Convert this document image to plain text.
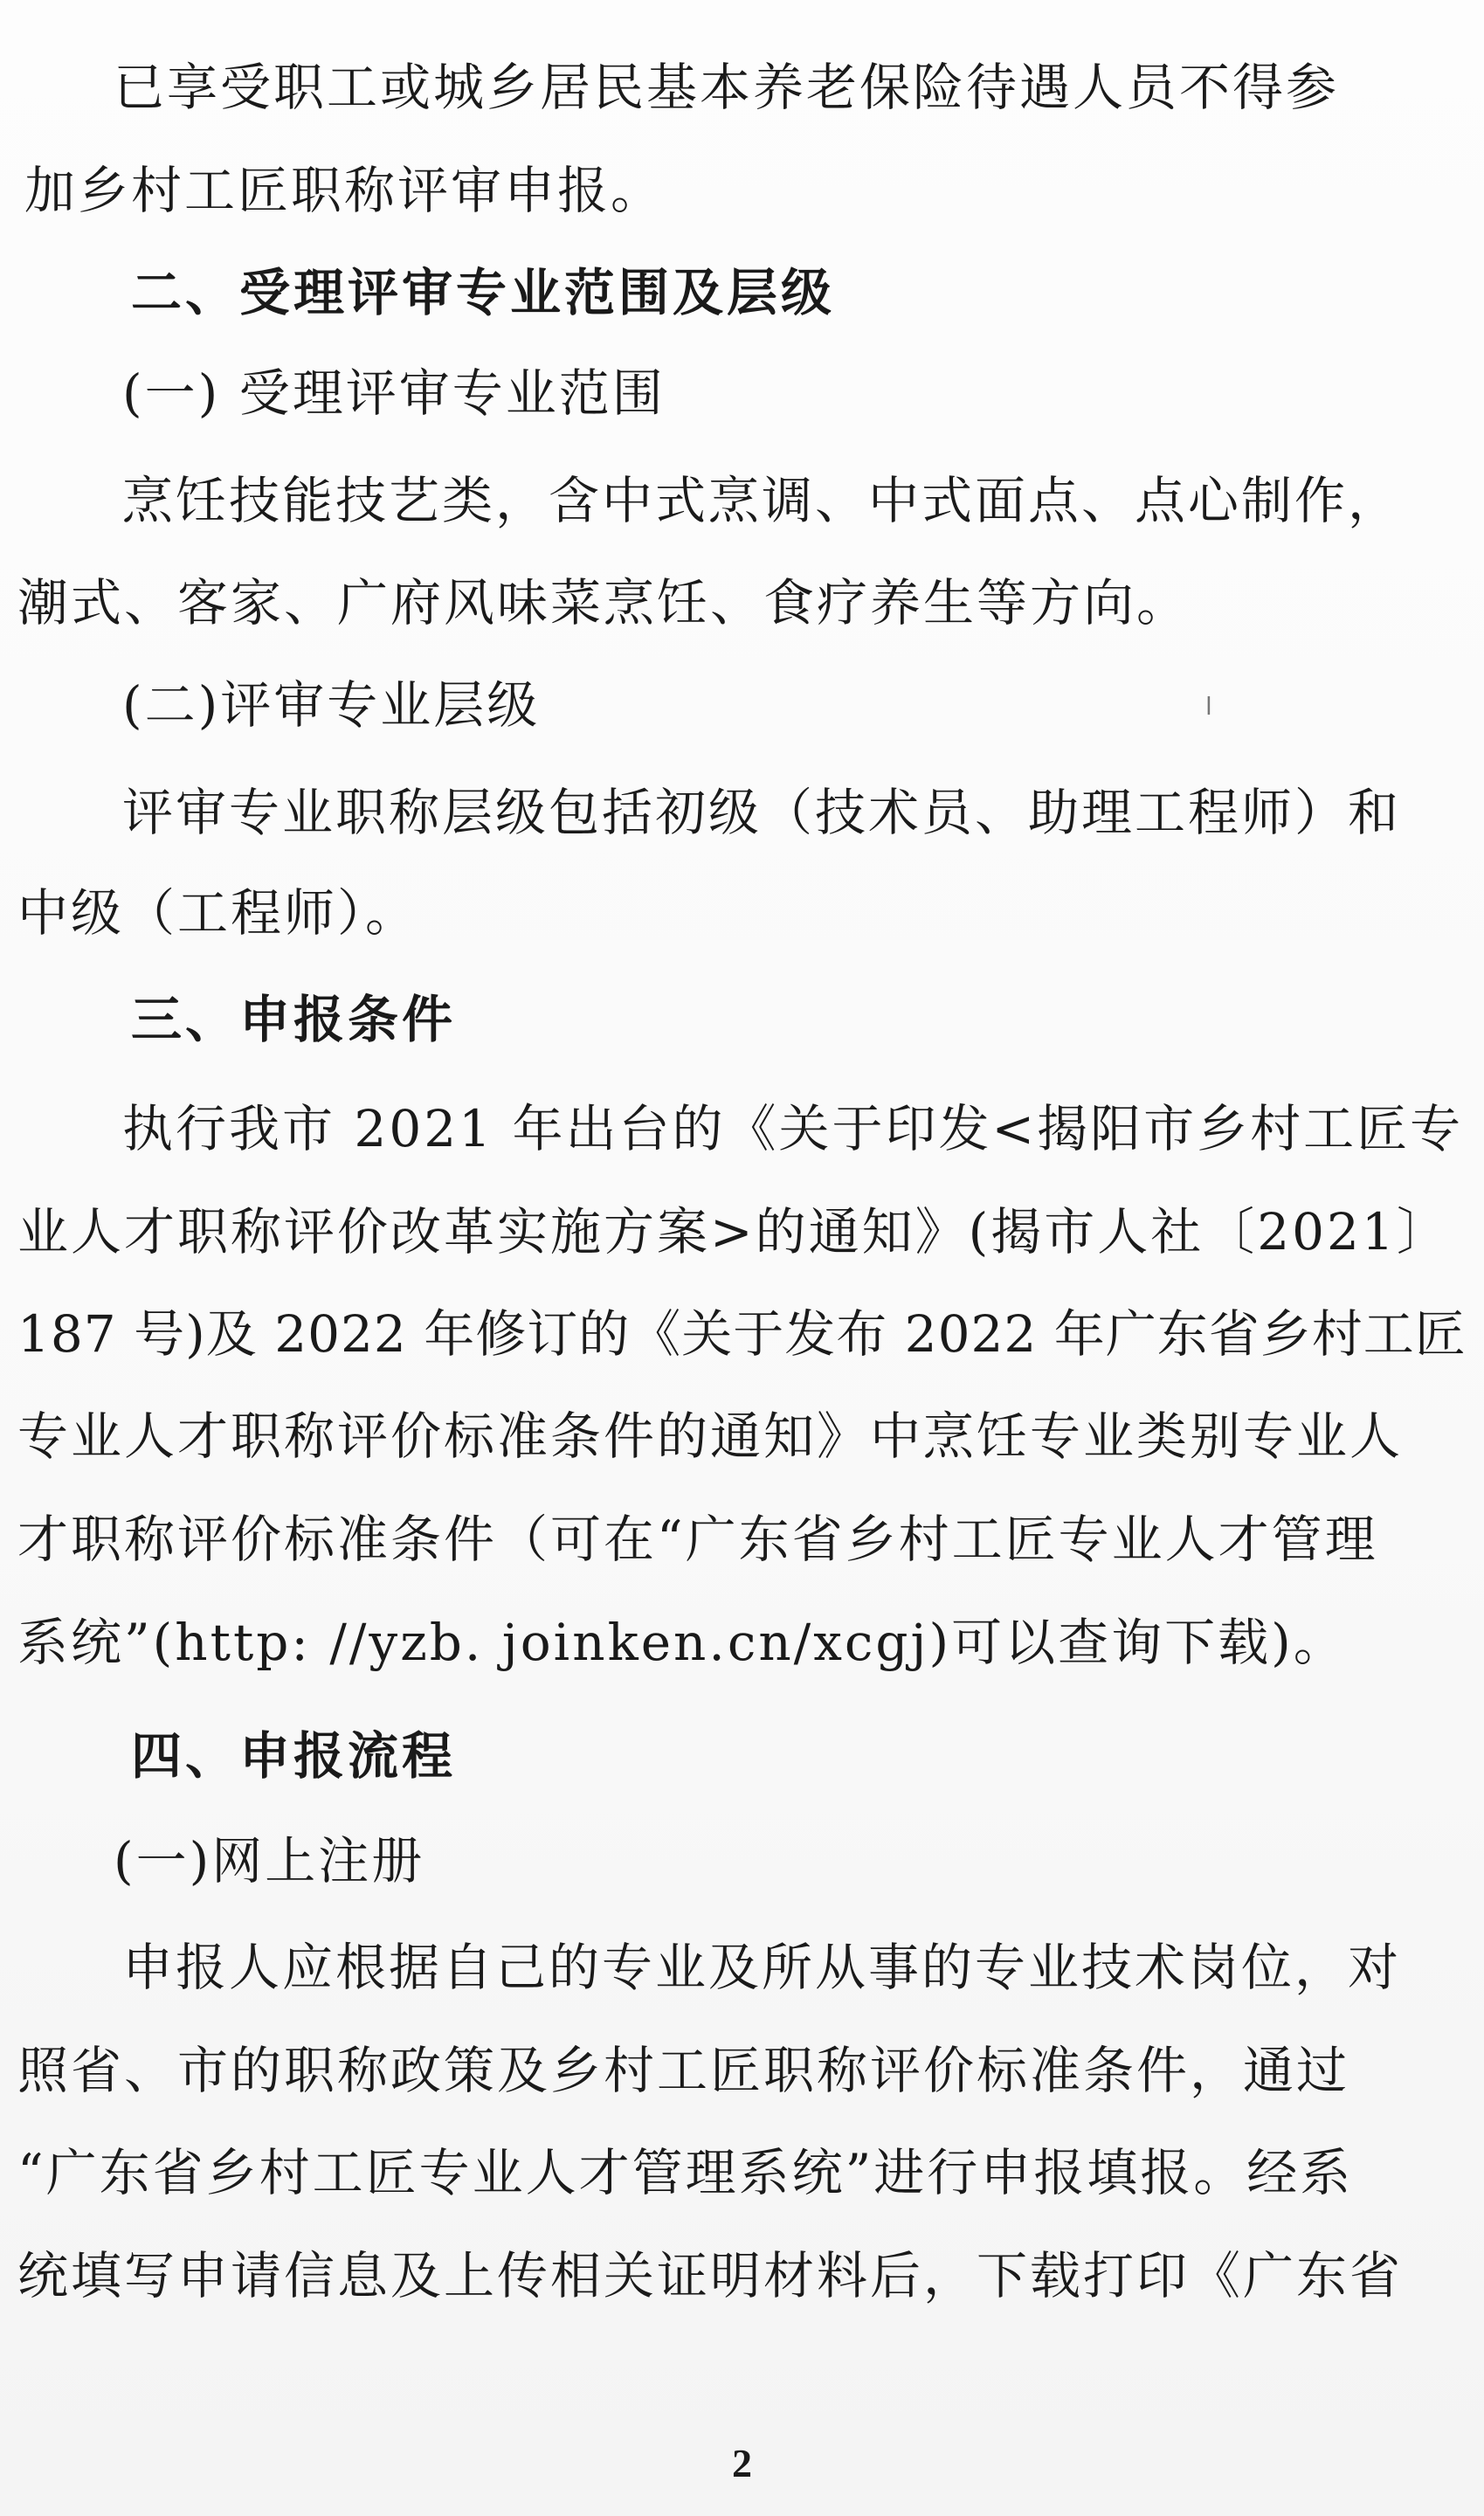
已享受职工或城乡居民基本养老保险待遇人员不得参
加乡村工匠职称评审申报。
二、受理评审专业范围及层级
(一) 受理评审专业范围
烹饪技能技艺类，含中式烹调、中式面点、点心制作，
潮式、客家、广府风味菜烹饪、食疗养生等方向。
(二)评审专业层级	l
评审专业职称层级包括初级（技术员、助理工程师）和
中级（工程师）。
三、申报条件
执行我市 2021 年出台的《关于印发<揭阳市乡村工匠专
业人才职称评价改革实施方案>的通知》(揭市人社〔2021〕
187 号)及 2022 年修订的《关于发布 2022 年广东省乡村工匠
专业人才职称评价标准条件的通知》中烹饪专业类别专业人
才职称评价标准条件（可在“广东省乡村工匠专业人才管理
系统”(http: //yzb. joinken.cn/xcgj)可以查询下载)。
四、申报流程
(一)网上注册
申报人应根据自己的专业及所从事的专业技术岗位，对
照省、市的职称政策及乡村工匠职称评价标准条件，通过
“广东省乡村工匠专业人才管理系统”进行申报填报。经系
统填写申请信息及上传相关证明材料后，下载打印《广东省
2
